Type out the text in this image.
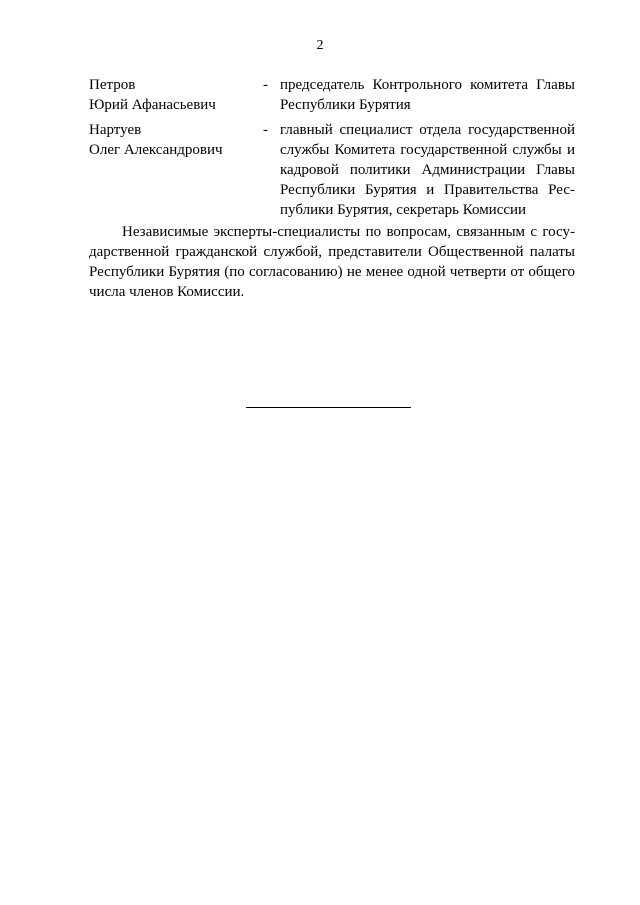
2
Петров
Юрий Афанасьевич
- председатель Контрольного комитета Главы
Республики Бурятия
Нартуев
Олег Александрович
- главный специалист отдела государственной
службы Комитета государственной службы и
кадровой политики Администрации Главы
Республики Бурятия и Правительства Рес-
публики Бурятия, секретарь Комиссии
Независимые эксперты-специалисты по вопросам, связанным с госу-
дарственной гражданской службой, представители Общественной палаты
Республики Бурятия (по согласованию) не менее одной четверти от общего
числа членов Комиссии.
